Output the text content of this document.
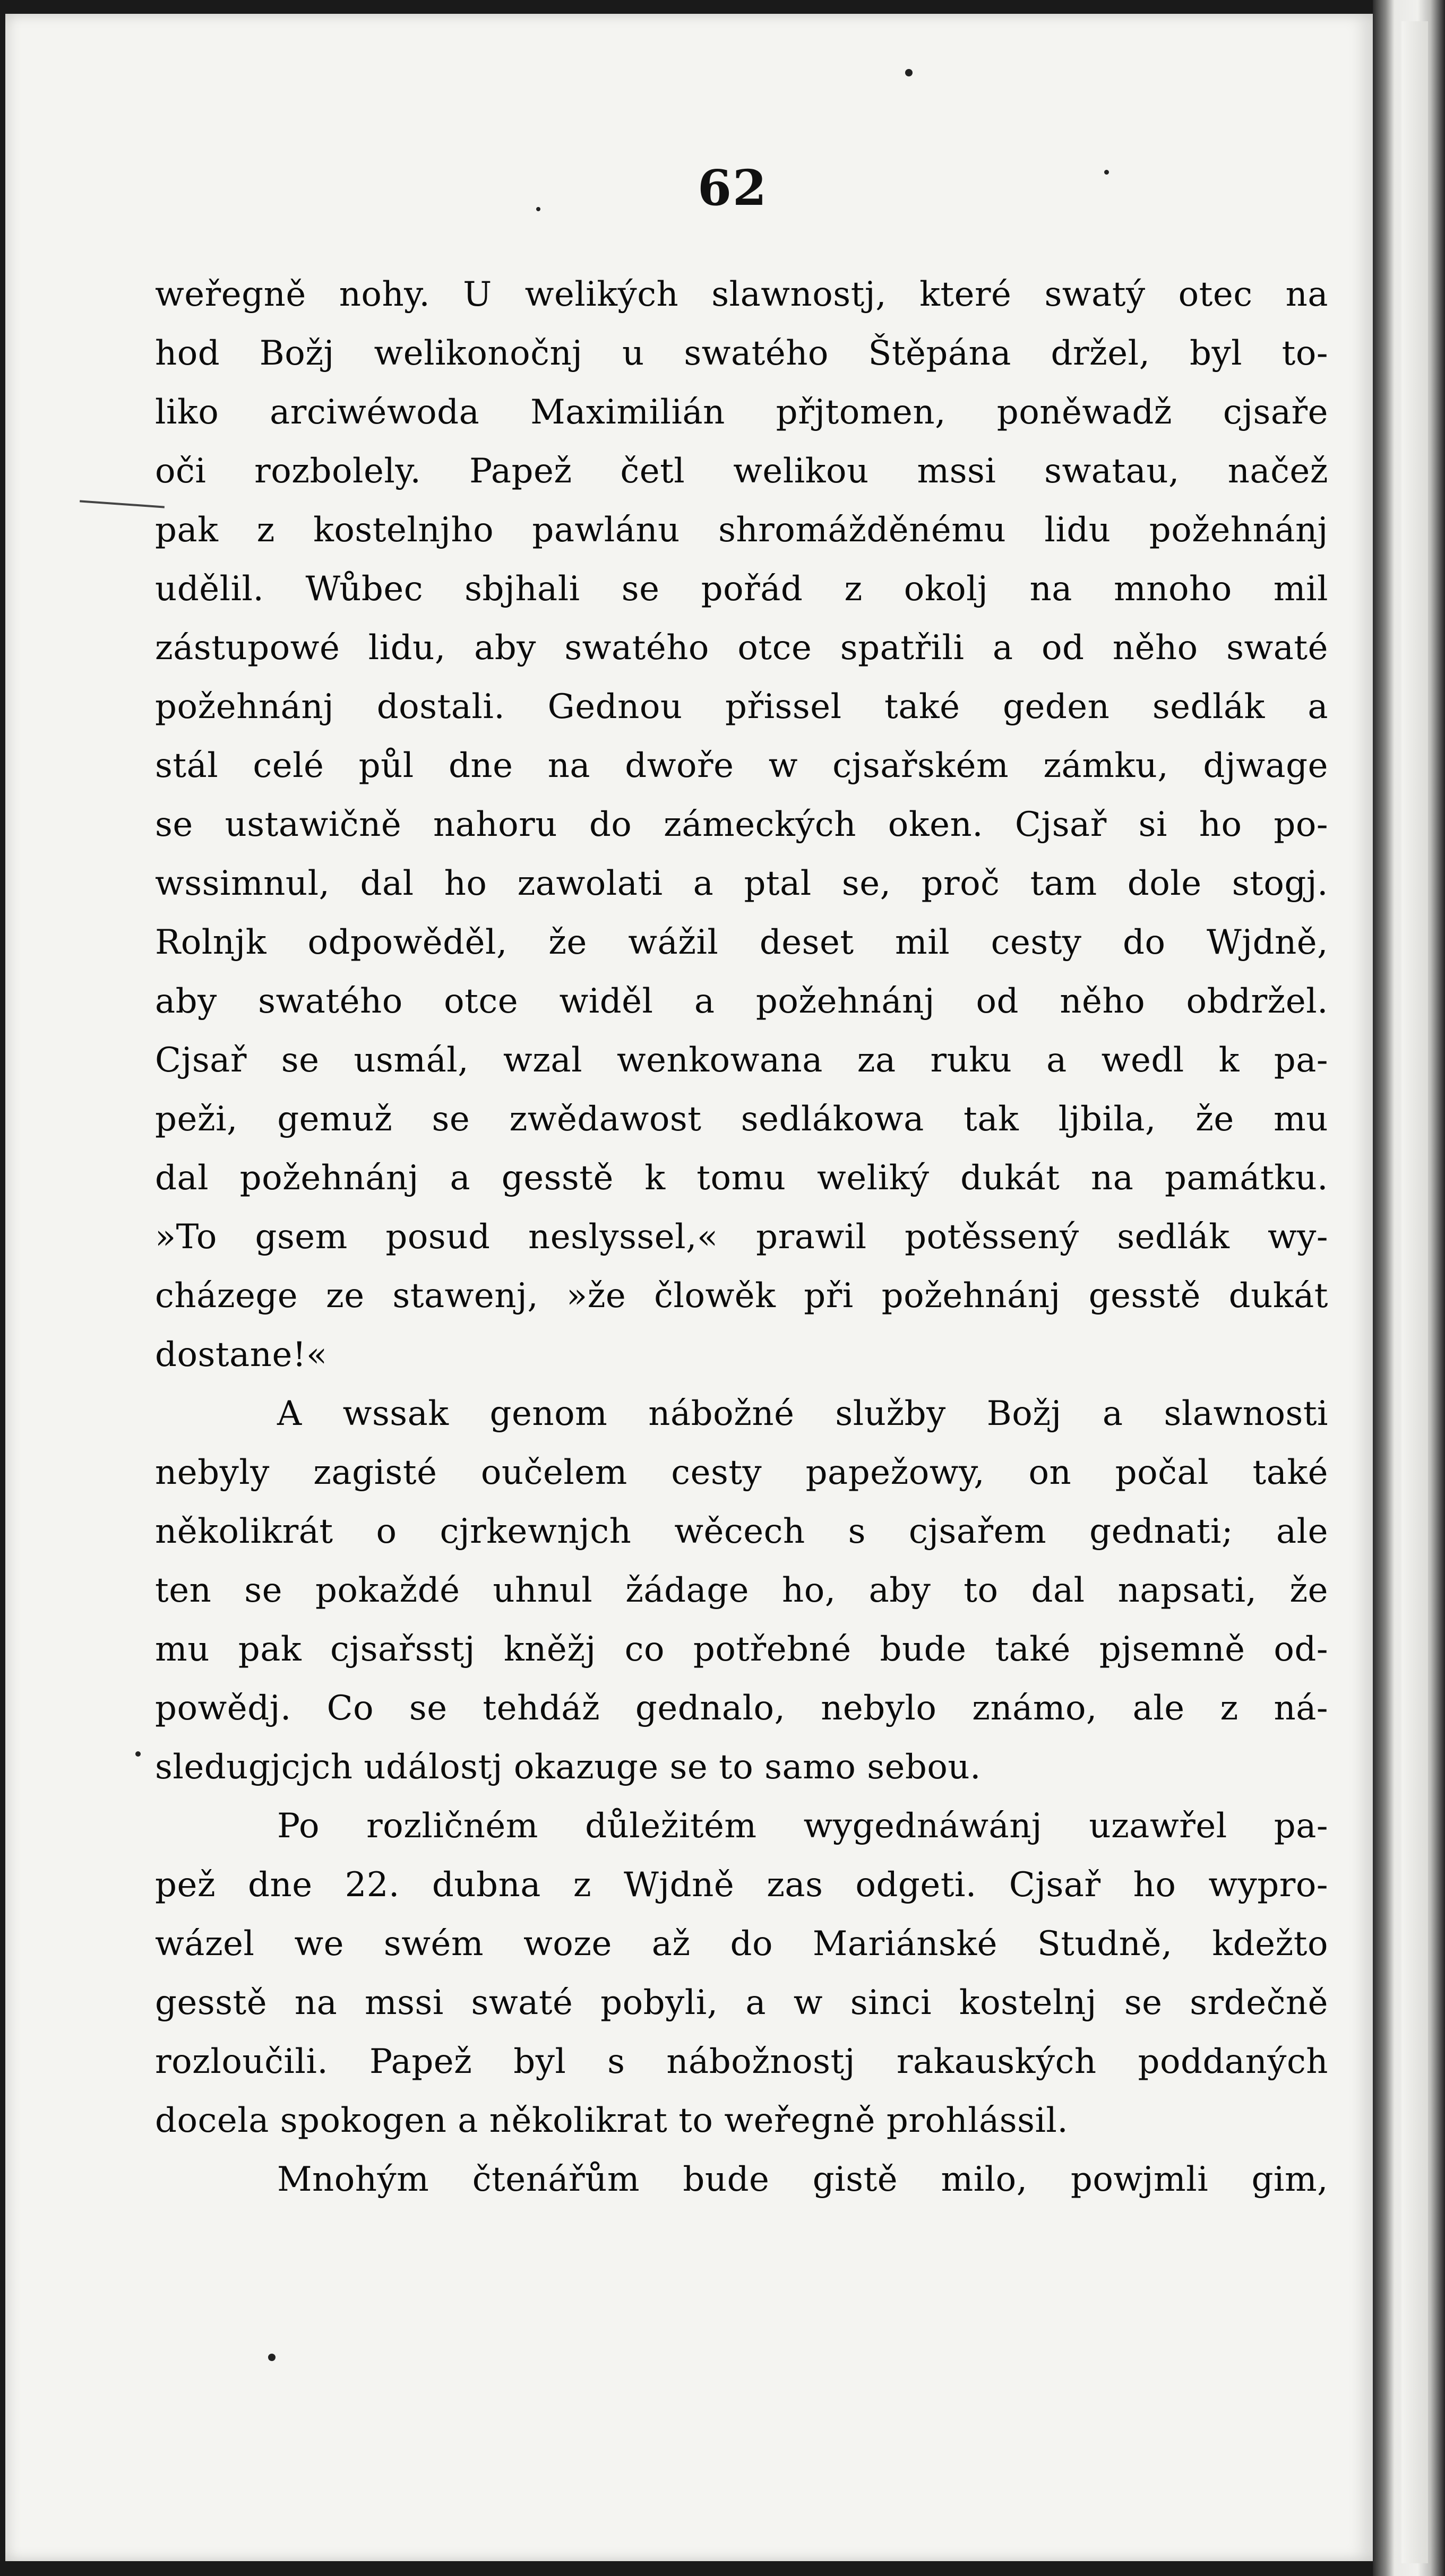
62
weřegně nohy. U welikých slawnostj, které swatý otec na
hod Božj welikonočnj u swatého Štěpána držel, byl to-
liko arciwéwoda Maximilián přjtomen, poněwadž cjsaře
oči rozbolely. Papež četl welikou mssi swatau, načež
pak z kostelnjho pawlánu shromážděnému lidu požehnánj
udělil. Wůbec sbjhali se pořád z okolj na mnoho mil
zástupowé lidu, aby swatého otce spatřili a od něho swaté
požehnánj dostali. Gednou přissel také geden sedlák a
stál celé půl dne na dwoře w cjsařském zámku, djwage
se ustawičně nahoru do zámeckých oken. Cjsař si ho po-
wssimnul, dal ho zawolati a ptal se, proč tam dole stogj.
Rolnjk odpowěděl, že wážil deset mil cesty do Wjdně,
aby swatého otce widěl a požehnánj od něho obdržel.
Cjsař se usmál, wzal wenkowana za ruku a wedl k pa-
peži, gemuž se zwědawost sedlákowa tak ljbila, že mu
dal požehnánj a gesstě k tomu weliký dukát na památku.
»To gsem posud neslyssel,« prawil potěssený sedlák wy-
cházege ze stawenj, »že člowěk při požehnánj gesstě dukát
dostane!«
A wssak genom nábožné služby Božj a slawnosti
nebyly zagisté oučelem cesty papežowy, on počal také
několikrát o cjrkewnjch wěcech s cjsařem gednati; ale
ten se pokaždé uhnul žádage ho, aby to dal napsati, že
mu pak cjsařsstj kněžj co potřebné bude také pjsemně od-
powědj. Co se tehdáž gednalo, nebylo známo, ale z ná-
sledugjcjch událostj okazuge se to samo sebou.
Po rozličném důležitém wygednáwánj uzawřel pa-
pež dne 22. dubna z Wjdně zas odgeti. Cjsař ho wypro-
wázel we swém woze až do Mariánské Studně, kdežto
gesstě na mssi swaté pobyli, a w sinci kostelnj se srdečně
rozloučili. Papež byl s nábožnostj rakauských poddaných
docela spokogen a několikrat to weřegně prohlássil.
Mnohým čtenářům bude gistě milo, powjmli gim,
